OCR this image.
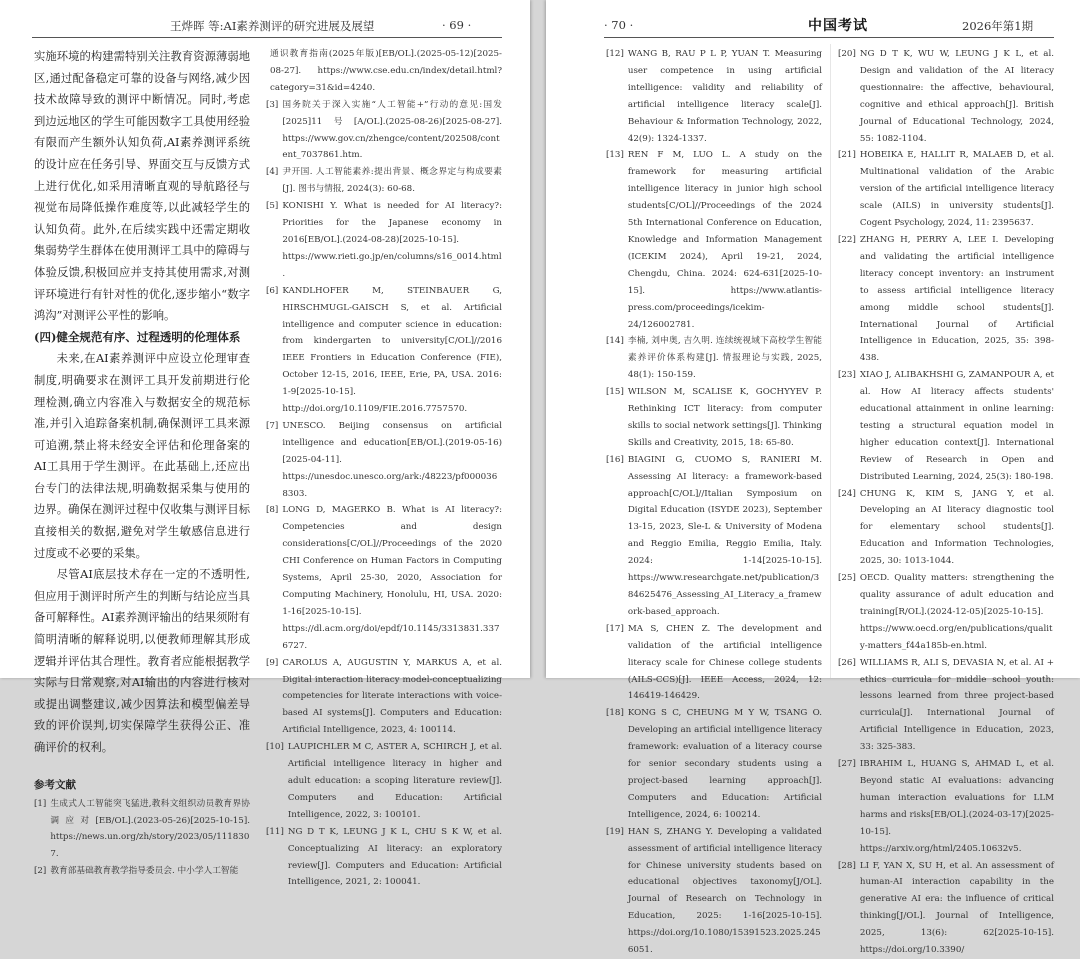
王烨晖 等:AI素养测评的研究进展及展望	· 69 ·

实施环境的构建需特别关注教育资源薄弱地区,通过配备稳定可靠的设备与网络,减少因技术故障导致的测评中断情况。同时,考虑到边远地区的学生可能因数字工具使用经验有限而产生额外认知负荷,AI素养测评系统的设计应在任务引导、界面交互与反馈方式上进行优化,如采用清晰直观的导航路径与视觉布局降低操作难度等,以此减轻学生的认知负荷。此外,在后续实践中还需定期收集弱势学生群体在使用测评工具中的障碍与体验反馈,积极回应并支持其使用需求,对测评环境进行有针对性的优化,逐步缩小“数字鸿沟”对测评公平性的影响。

(四)健全规范有序、过程透明的伦理体系

未来,在AI素养测评中应设立伦理审查制度,明确要求在测评工具开发前期进行伦理检测,确立内容准入与数据安全的规范标准,并引入追踪备案机制,确保测评工具来源可追溯,禁止将未经安全评估和伦理备案的AI工具用于学生测评。在此基础上,还应出台专门的法律法规,明确数据采集与使用的边界。确保在测评过程中仅收集与测评目标直接相关的数据,避免对学生敏感信息进行过度或不必要的采集。

尽管AI底层技术存在一定的不透明性,但应用于测评时所产生的判断与结论应当具备可解释性。AI素养测评输出的结果须附有简明清晰的解释说明,以便教师理解其形成逻辑并评估其合理性。教育者应能根据教学实际与日常观察,对AI输出的内容进行核对或提出调整建议,减少因算法和模型偏差导致的评价误判,切实保障学生获得公正、准确评价的权利。

参考文献
[1] 生成式人工智能突飞猛进,教科文组织动员教育界协调应对[EB/OL].(2023-05-26)[2025-10-15]. https://news.un.org/zh/story/2023/05/1118307.
[2] 教育部基础教育教学指导委员会. 中小学人工智能
通识教育指南(2025年版)[EB/OL].(2025-05-12)[2025-08-27]. https://www.cse.edu.cn/index/detail.html?category=31&id=4240.
[3] 国务院关于深入实施“人工智能+”行动的意见:国发[2025]11号[A/OL].(2025-08-26)[2025-08-27]. https://www.gov.cn/zhengce/content/202508/content_7037861.htm.
[4] 尹开国. 人工智能素养:提出背景、概念界定与构成要素[J]. 图书与情报, 2024(3): 60-68.
[5] KONISHI Y. What is needed for AI literacy?: Priorities for the Japanese economy in 2016[EB/OL].(2024-08-28)[2025-10-15]. https://www.rieti.go.jp/en/columns/s16_0014.html.
[6] KANDLHOFER M, STEINBAUER G, HIRSCHMUGL-GAISCH S, et al. Artificial intelligence and computer science in education: from kindergarten to university[C/OL]//2016 IEEE Frontiers in Education Conference (FIE), October 12-15, 2016, IEEE, Erie, PA, USA. 2016: 1-9[2025-10-15]. http://doi.org/10.1109/FIE.2016.7757570.
[7] UNESCO. Beijing consensus on artificial intelligence and education[EB/OL].(2019-05-16)[2025-04-11]. https://unesdoc.unesco.org/ark:/48223/pf0000368303.
[8] LONG D, MAGERKO B. What is AI literacy?: Competencies and design considerations[C/OL]//Proceedings of the 2020 CHI Conference on Human Factors in Computing Systems, April 25-30, 2020, Association for Computing Machinery, Honolulu, HI, USA. 2020: 1-16[2025-10-15]. https://dl.acm.org/doi/epdf/10.1145/3313831.3376727.
[9] CAROLUS A, AUGUSTIN Y, MARKUS A, et al. Digital interaction literacy model-conceptualizing competencies for literate interactions with voice-based AI systems[J]. Computers and Education: Artificial Intelligence, 2023, 4: 100114.
[10] LAUPICHLER M C, ASTER A, SCHIRCH J, et al. Artificial intelligence literacy in higher and adult education: a scoping literature review[J]. Computers and Education: Artificial Intelligence, 2022, 3: 100101.
[11] NG D T K, LEUNG J K L, CHU S K W, et al. Conceptualizing AI literacy: an exploratory review[J]. Computers and Education: Artificial Intelligence, 2021, 2: 100041.
· 70 ·	中国考试	2026年第1期
[12] WANG B, RAU P L P, YUAN T. Measuring user competence in using artificial intelligence: validity and reliability of artificial intelligence literacy scale[J]. Behaviour & Information Technology, 2022, 42(9): 1324-1337.
[13] REN F M, LUO L. A study on the framework for measuring artificial intelligence literacy in junior high school students[C/OL]//Proceedings of the 2024 5th International Conference on Education, Knowledge and Information Management (ICEKIM 2024), April 19-21, 2024, Chengdu, China. 2024: 624-631[2025-10-15]. https://www.atlantis-press.com/proceedings/icekim-24/126002781.
[14] 李楠, 刘申奥, 吉久明. 连续统视域下高校学生智能素养评价体系构建[J]. 情报理论与实践, 2025, 48(1): 150-159.
[15] WILSON M, SCALISE K, GOCHYYEV P. Rethinking ICT literacy: from computer skills to social network settings[J]. Thinking Skills and Creativity, 2015, 18: 65-80.
[16] BIAGINI G, CUOMO S, RANIERI M. Assessing AI literacy: a framework-based approach[C/OL]//Italian Symposium on Digital Education (ISYDE 2023), September 13-15, 2023, Sle-L & University of Modena and Reggio Emilia, Reggio Emilia, Italy. 2024: 1-14[2025-10-15]. https://www.researchgate.net/publication/384625476_Assessing_AI_Literacy_a_framework-based_approach.
[17] MA S, CHEN Z. The development and validation of the artificial intelligence literacy scale for Chinese college students (AILS-CCS)[J]. IEEE Access, 2024, 12: 146419-146429.
[18] KONG S C, CHEUNG M Y W, TSANG O. Developing an artificial intelligence literacy framework: evaluation of a literacy course for senior secondary students using a project-based learning approach[J]. Computers and Education: Artificial Intelligence, 2024, 6: 100214.
[19] HAN S, ZHANG Y. Developing a validated assessment of artificial intelligence literacy for Chinese university students based on educational objectives taxonomy[J/OL]. Journal of Research on Technology in Education, 2025: 1-16[2025-10-15]. https://doi.org/10.1080/15391523.2025.2456051.
[20] NG D T K, WU W, LEUNG J K L, et al. Design and validation of the AI literacy questionnaire: the affective, behavioural, cognitive and ethical approach[J]. British Journal of Educational Technology, 2024, 55: 1082-1104.
[21] HOBEIKA E, HALLIT R, MALAEB D, et al. Multinational validation of the Arabic version of the artificial intelligence literacy scale (AILS) in university students[J]. Cogent Psychology, 2024, 11: 2395637.
[22] ZHANG H, PERRY A, LEE I. Developing and validating the artificial intelligence literacy concept inventory: an instrument to assess artificial intelligence literacy among middle school students[J]. International Journal of Artificial Intelligence in Education, 2025, 35: 398-438.
[23] XIAO J, ALIBAKHSHI G, ZAMANPOUR A, et al. How AI literacy affects students' educational attainment in online learning: testing a structural equation model in higher education context[J]. International Review of Research in Open and Distributed Learning, 2024, 25(3): 180-198.
[24] CHUNG K, KIM S, JANG Y, et al. Developing an AI literacy diagnostic tool for elementary school students[J]. Education and Information Technologies, 2025, 30: 1013-1044.
[25] OECD. Quality matters: strengthening the quality assurance of adult education and training[R/OL].(2024-12-05)[2025-10-15]. https://www.oecd.org/en/publications/quality-matters_f44a185b-en.html.
[26] WILLIAMS R, ALI S, DEVASIA N, et al. AI + ethics curricula for middle school youth: lessons learned from three project-based curricula[J]. International Journal of Artificial Intelligence in Education, 2023, 33: 325-383.
[27] IBRAHIM L, HUANG S, AHMAD L, et al. Beyond static AI evaluations: advancing human interaction evaluations for LLM harms and risks[EB/OL].(2024-03-17)[2025-10-15]. https://arxiv.org/html/2405.10632v5.
[28] LI F, YAN X, SU H, et al. An assessment of human-AI interaction capability in the generative AI era: the influence of critical thinking[J/OL]. Journal of Intelligence, 2025, 13(6): 62[2025-10-15]. https://doi.org/10.3390/
